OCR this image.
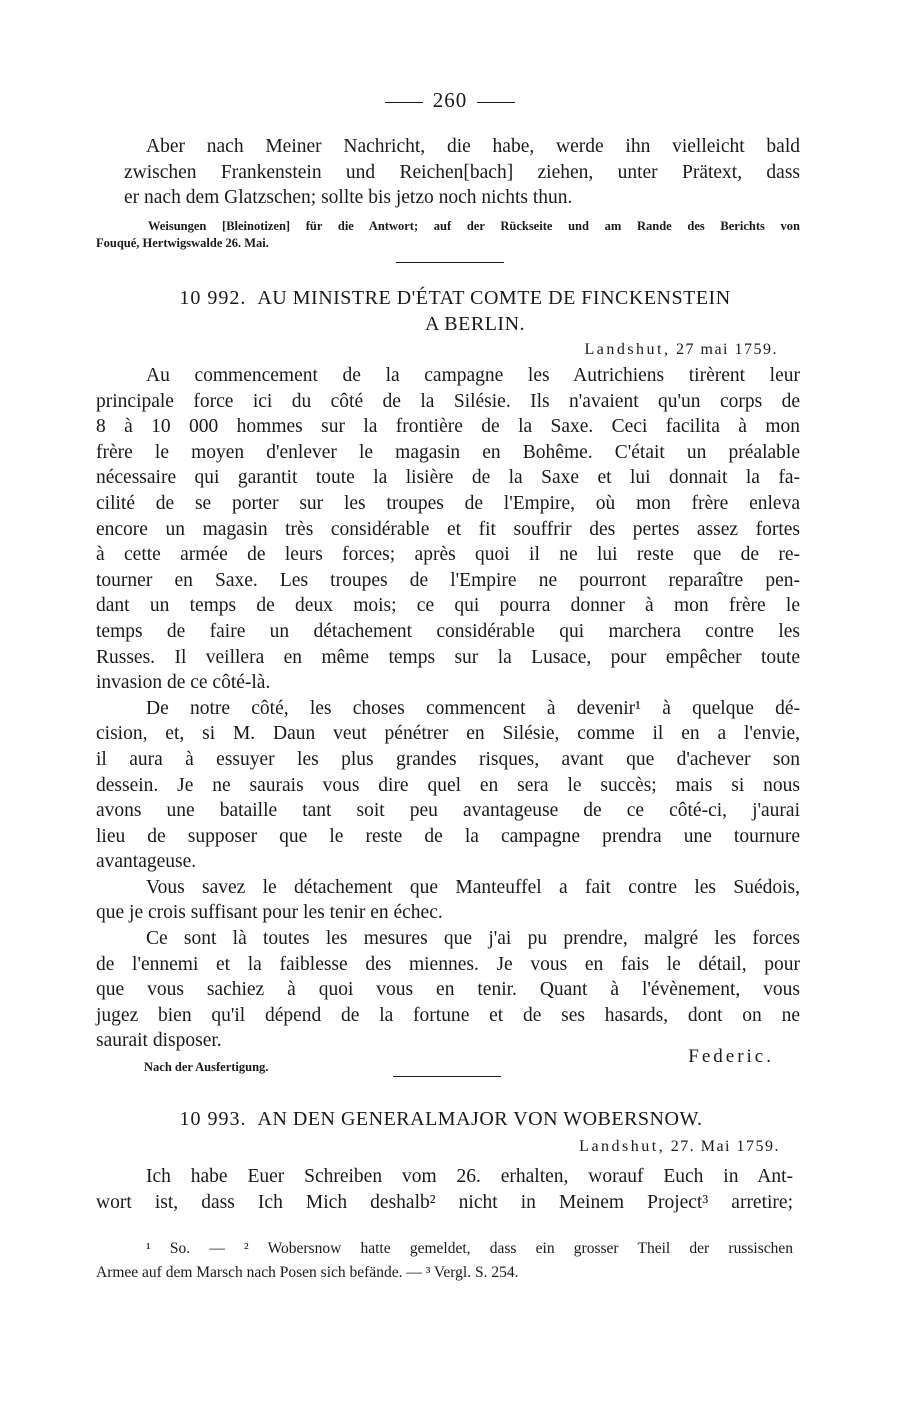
260
Aber nach Meiner Nachricht, die habe, werde ihn vielleicht bald
zwischen Frankenstein und Reichen[bach] ziehen, unter Prätext, dass
er nach dem Glatzschen; sollte bis jetzo noch nichts thun.
Weisungen [Bleinotizen] für die Antwort; auf der Rückseite und am Rande des Berichts von
Fouqué, Hertwigswalde 26. Mai.
10 992. AU MINISTRE D'ÉTAT COMTE DE FINCKENSTEIN
A BERLIN.
Landshut, 27 mai 1759.
Au commencement de la campagne les Autrichiens tirèrent leur
principale force ici du côté de la Silésie. Ils n'avaient qu'un corps de
8 à 10 000 hommes sur la frontière de la Saxe. Ceci facilita à mon
frère le moyen d'enlever le magasin en Bohême. C'était un préalable
nécessaire qui garantit toute la lisière de la Saxe et lui donnait la fa-
cilité de se porter sur les troupes de l'Empire, où mon frère enleva
encore un magasin très considérable et fit souffrir des pertes assez fortes
à cette armée de leurs forces; après quoi il ne lui reste que de re-
tourner en Saxe. Les troupes de l'Empire ne pourront reparaître pen-
dant un temps de deux mois; ce qui pourra donner à mon frère le
temps de faire un détachement considérable qui marchera contre les
Russes. Il veillera en même temps sur la Lusace, pour empêcher toute
invasion de ce côté-là.
De notre côté, les choses commencent à devenir¹ à quelque dé-
cision, et, si M. Daun veut pénétrer en Silésie, comme il en a l'envie,
il aura à essuyer les plus grandes risques, avant que d'achever son
dessein. Je ne saurais vous dire quel en sera le succès; mais si nous
avons une bataille tant soit peu avantageuse de ce côté-ci, j'aurai
lieu de supposer que le reste de la campagne prendra une tournure
avantageuse.
Vous savez le détachement que Manteuffel a fait contre les Suédois,
que je crois suffisant pour les tenir en échec.
Ce sont là toutes les mesures que j'ai pu prendre, malgré les forces
de l'ennemi et la faiblesse des miennes. Je vous en fais le détail, pour
que vous sachiez à quoi vous en tenir. Quant à l'évènement, vous
jugez bien qu'il dépend de la fortune et de ses hasards, dont on ne
saurait disposer.
Federic.
Nach der Ausfertigung.
10 993. AN DEN GENERALMAJOR VON WOBERSNOW.
Landshut, 27. Mai 1759.
Ich habe Euer Schreiben vom 26. erhalten, worauf Euch in Ant-
wort ist, dass Ich Mich deshalb² nicht in Meinem Project³ arretire;
¹ So. — ² Wobersnow hatte gemeldet, dass ein grosser Theil der russischen
Armee auf dem Marsch nach Posen sich befände. — ³ Vergl. S. 254.
